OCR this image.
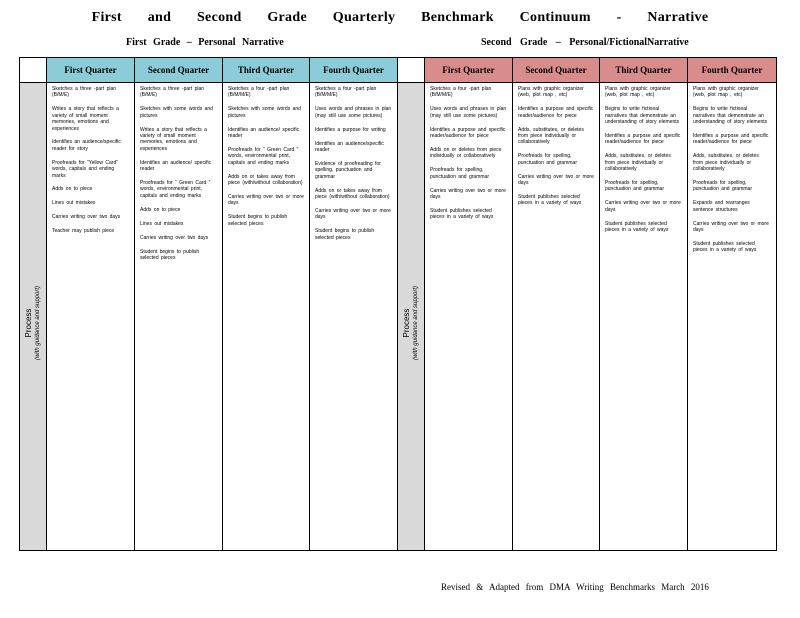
First and Second Grade Quarterly Benchmark Continuum - Narrative
First Grade – Personal Narrative	Second Grade – Personal/FictionalNarrative
Process (with guidance and support)
First Quarter
Sketches a three -part plan (B/M/E)
Writes a story that reflects a variety of small moment memories, emotions and experiences
Identifies an audience/specific reader for story
Proofreads for “Yellow Card” words, capitals and ending marks
Adds on to piece
Lines out mistakes
Carries writing over two days
Teacher may publish piece
Second Quarter
Sketches a three -part plan (B/M/E)
Sketches with some words and pictures
Writes a story that reflects a variety of small moment memories, emotions and experiences
Identifies an audience/ specific reader
Proofreads for “ Green Card ” words, environmental print, capitals and ending marks
Adds on to piece
Lines out mistakes
Carries writing over two days
Student begins to publish selected pieces
Third Quarter
Sketches a four -part plan (B/M/M/E)
Sketches with some words and pictures
Identifies an audience/ specific reader
Proofreads for “ Green Card ” words, environmental print, capitals and ending marks
Adds on or takes away from piece (with/without collaboration)
Carries writing over two or more days
Student begins to publish selected pieces
Fourth Quarter
Sketches a four -part plan (B/M/M/E)
Uses words and phrases in plan (may still use some pictures)
Identifies a purpose for writing
Identifies an audience/specific reader
Evidence of proofreading for spelling, punctuation and grammar
Adds on or takes away from piece (with/without collaboration)
Carries writing over two or more days
Student begins to publish selected pieces
Process (with guidance and support)
First Quarter
Sketches a four -part plan (B/M/M/E)
Uses words and phrases in plan (may still use some pictures)
Identifies a purpose and specific reader/audience for piece
Adds on or deletes from piece individually or collaboratively
Proofreads for spelling, punctuation and grammar
Carries writing over two or more days
Student publishes selected pieces in a variety of ways
Second Quarter
Plans with graphic organizer (web, plot map , etc)
Identifies a purpose and specific reader/audience for piece
Adds, substitutes, or deletes from piece individually or collaboratively
Proofreads for spelling, punctuation and grammar
Carries writing over two or more days
Student publishes selected pieces in a variety of ways
Third Quarter
Plans with graphic organizer (web, plot map , etc)
Begins to write fictional narratives that demonstrate an understanding of story elements
Identifies a purpose and specific reader/audience for piece
Adds, substitutes, or deletes from piece individually or collaboratively
Proofreads for spelling, punctuation and grammar
Carries writing over two or more days
Student publishes selected pieces in a variety of ways
Fourth Quarter
Plans with graphic organizer (web, plot map , etc)
Begins to write fictional narratives that demonstrate an understanding of story elements
Identifies a purpose and specific reader/audience for piece
Adds, substitutes, or deletes from piece individually or collaboratively
Proofreads for spelling, punctuation and grammar
Expands and rearranges sentence structures
Carries writing over two or more days
Student publishes selected pieces in a variety of ways
Revised & Adapted from DMA Writing Benchmarks March 2016
